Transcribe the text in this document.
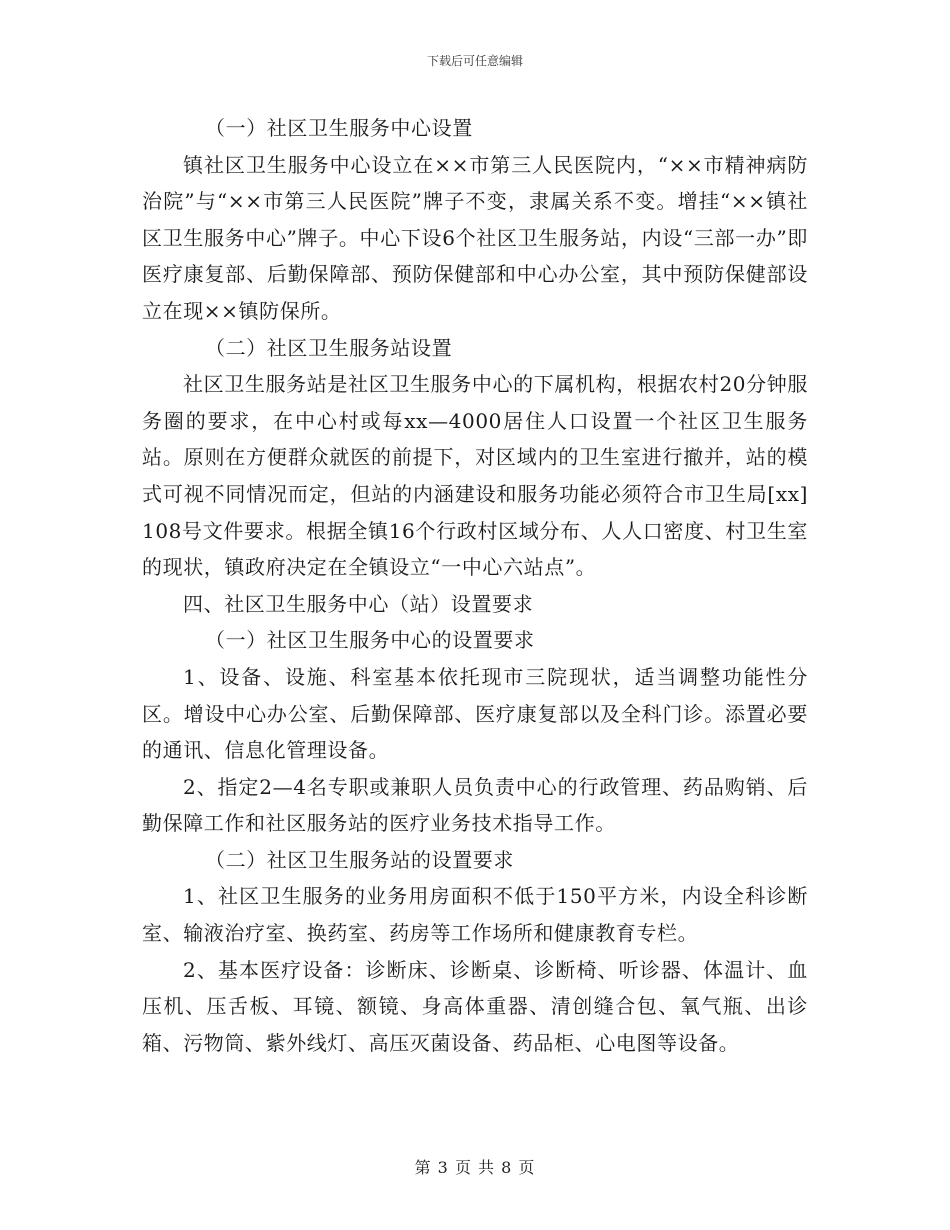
下载后可任意编辑

（一）社区卫生服务中心设置

镇社区卫生服务中心设立在××市第三人民医院内，“××市精神病防治院”与“××市第三人民医院”牌子不变，隶属关系不变。增挂“××镇社区卫生服务中心”牌子。中心下设6个社区卫生服务站，内设“三部一办”即医疗康复部、后勤保障部、预防保健部和中心办公室，其中预防保健部设立在现××镇防保所。

（二）社区卫生服务站设置

社区卫生服务站是社区卫生服务中心的下属机构，根据农村20分钟服务圈的要求，在中心村或每xx—4000居住人口设置一个社区卫生服务站。原则在方便群众就医的前提下，对区域内的卫生室进行撤并，站的模式可视不同情况而定，但站的内涵建设和服务功能必须符合市卫生局[xx]108号文件要求。根据全镇16个行政村区域分布、人人口密度、村卫生室的现状，镇政府决定在全镇设立“一中心六站点”。

四、社区卫生服务中心（站）设置要求

（一）社区卫生服务中心的设置要求

1、设备、设施、科室基本依托现市三院现状，适当调整功能性分区。增设中心办公室、后勤保障部、医疗康复部以及全科门诊。添置必要的通讯、信息化管理设备。

2、指定2—4名专职或兼职人员负责中心的行政管理、药品购销、后勤保障工作和社区服务站的医疗业务技术指导工作。

（二）社区卫生服务站的设置要求

1、社区卫生服务的业务用房面积不低于150平方米，内设全科诊断室、输液治疗室、换药室、药房等工作场所和健康教育专栏。

2、基本医疗设备：诊断床、诊断桌、诊断椅、听诊器、体温计、血压机、压舌板、耳镜、额镜、身高体重器、清创缝合包、氧气瓶、出诊箱、污物筒、紫外线灯、高压灭菌设备、药品柜、心电图等设备。

第 3 页 共 8 页
